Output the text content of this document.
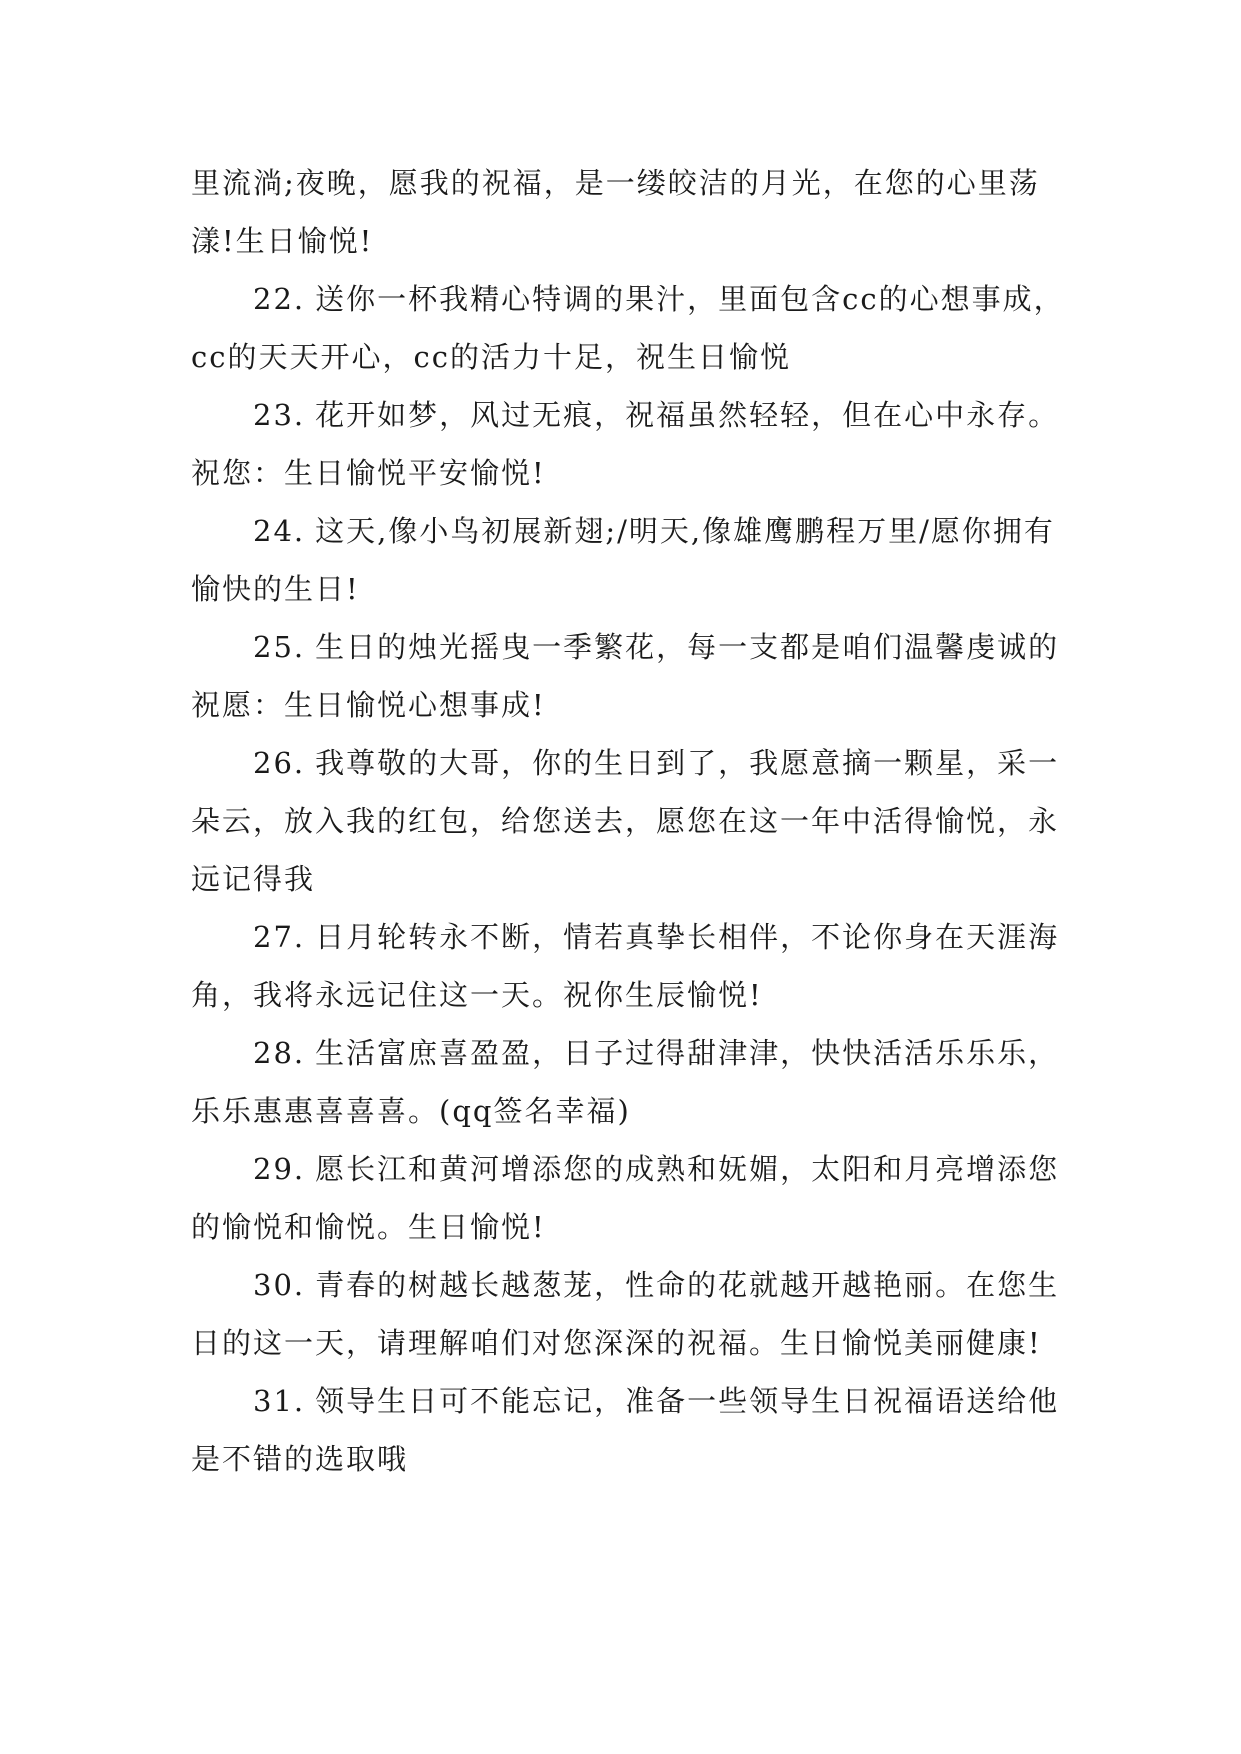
里流淌;夜晚，愿我的祝福，是一缕皎洁的月光，在您的心里荡漾!生日愉悦!

22. 送你一杯我精心特调的果汁，里面包含cc的心想事成，cc的天天开心，cc的活力十足，祝生日愉悦

23. 花开如梦，风过无痕，祝福虽然轻轻，但在心中永存。祝您：生日愉悦平安愉悦!

24. 这天,像小鸟初展新翅;/明天,像雄鹰鹏程万里/愿你拥有愉快的生日!

25. 生日的烛光摇曳一季繁花，每一支都是咱们温馨虔诚的祝愿：生日愉悦心想事成!

26. 我尊敬的大哥，你的生日到了，我愿意摘一颗星，采一朵云，放入我的红包，给您送去，愿您在这一年中活得愉悦，永远记得我

27. 日月轮转永不断，情若真挚长相伴，不论你身在天涯海角，我将永远记住这一天。祝你生辰愉悦!

28. 生活富庶喜盈盈，日子过得甜津津，快快活活乐乐乐，乐乐惠惠喜喜喜。(qq签名幸福)

29. 愿长江和黄河增添您的成熟和妩媚，太阳和月亮增添您的愉悦和愉悦。生日愉悦!

30. 青春的树越长越葱茏，性命的花就越开越艳丽。在您生日的这一天，请理解咱们对您深深的祝福。生日愉悦美丽健康!

31. 领导生日可不能忘记，准备一些领导生日祝福语送给他是不错的选取哦
